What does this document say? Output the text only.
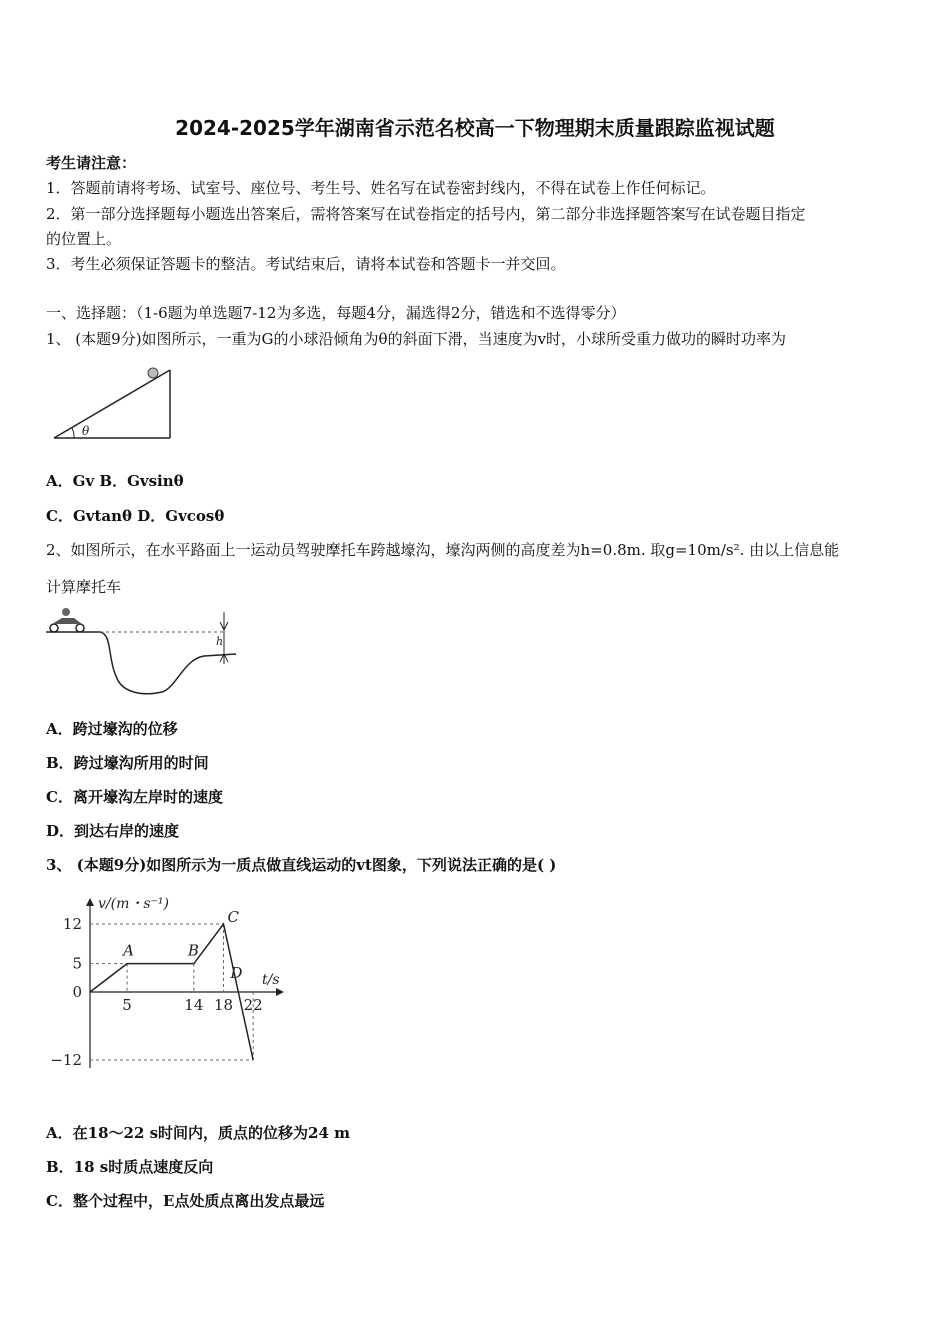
2024-2025学年湖南省示范名校高一下物理期末质量跟踪监视试题
考生请注意：
1．答题前请将考场、试室号、座位号、考生号、姓名写在试卷密封线内，不得在试卷上作任何标记。
2．第一部分选择题每小题选出答案后，需将答案写在试卷指定的括号内，第二部分非选择题答案写在试卷题目指定
的位置上。
3．考生必须保证答题卡的整洁。考试结束后，请将本试卷和答题卡一并交回。
一、选择题：（1-6题为单选题7-12为多选，每题4分，漏选得2分，错选和不选得零分）
1、 (本题9分)如图所示，一重为G的小球沿倾角为θ的斜面下滑，当速度为v时，小球所受重力做功的瞬时功率为
θ
A．Gv B．Gvsinθ
C．Gvtanθ D．Gvcosθ
2、如图所示，在水平路面上一运动员驾驶摩托车跨越壕沟，壕沟两侧的高度差为h=0.8m. 取g=10m/s². 由以上信息能
计算摩托车
h
A．跨过壕沟的位移
B．跨过壕沟所用的时间
C．离开壕沟左岸时的速度
D．到达右岸的速度
3、 (本题9分)如图所示为一质点做直线运动的vt图象，下列说法正确的是( )
v/(m・s⁻¹)
t/s
12
5
0
−12
5	14 18 22
A	B
C
D
A．在18～22 s时间内，质点的位移为24 m
B．18 s时质点速度反向
C．整个过程中，E点处质点离出发点最远
